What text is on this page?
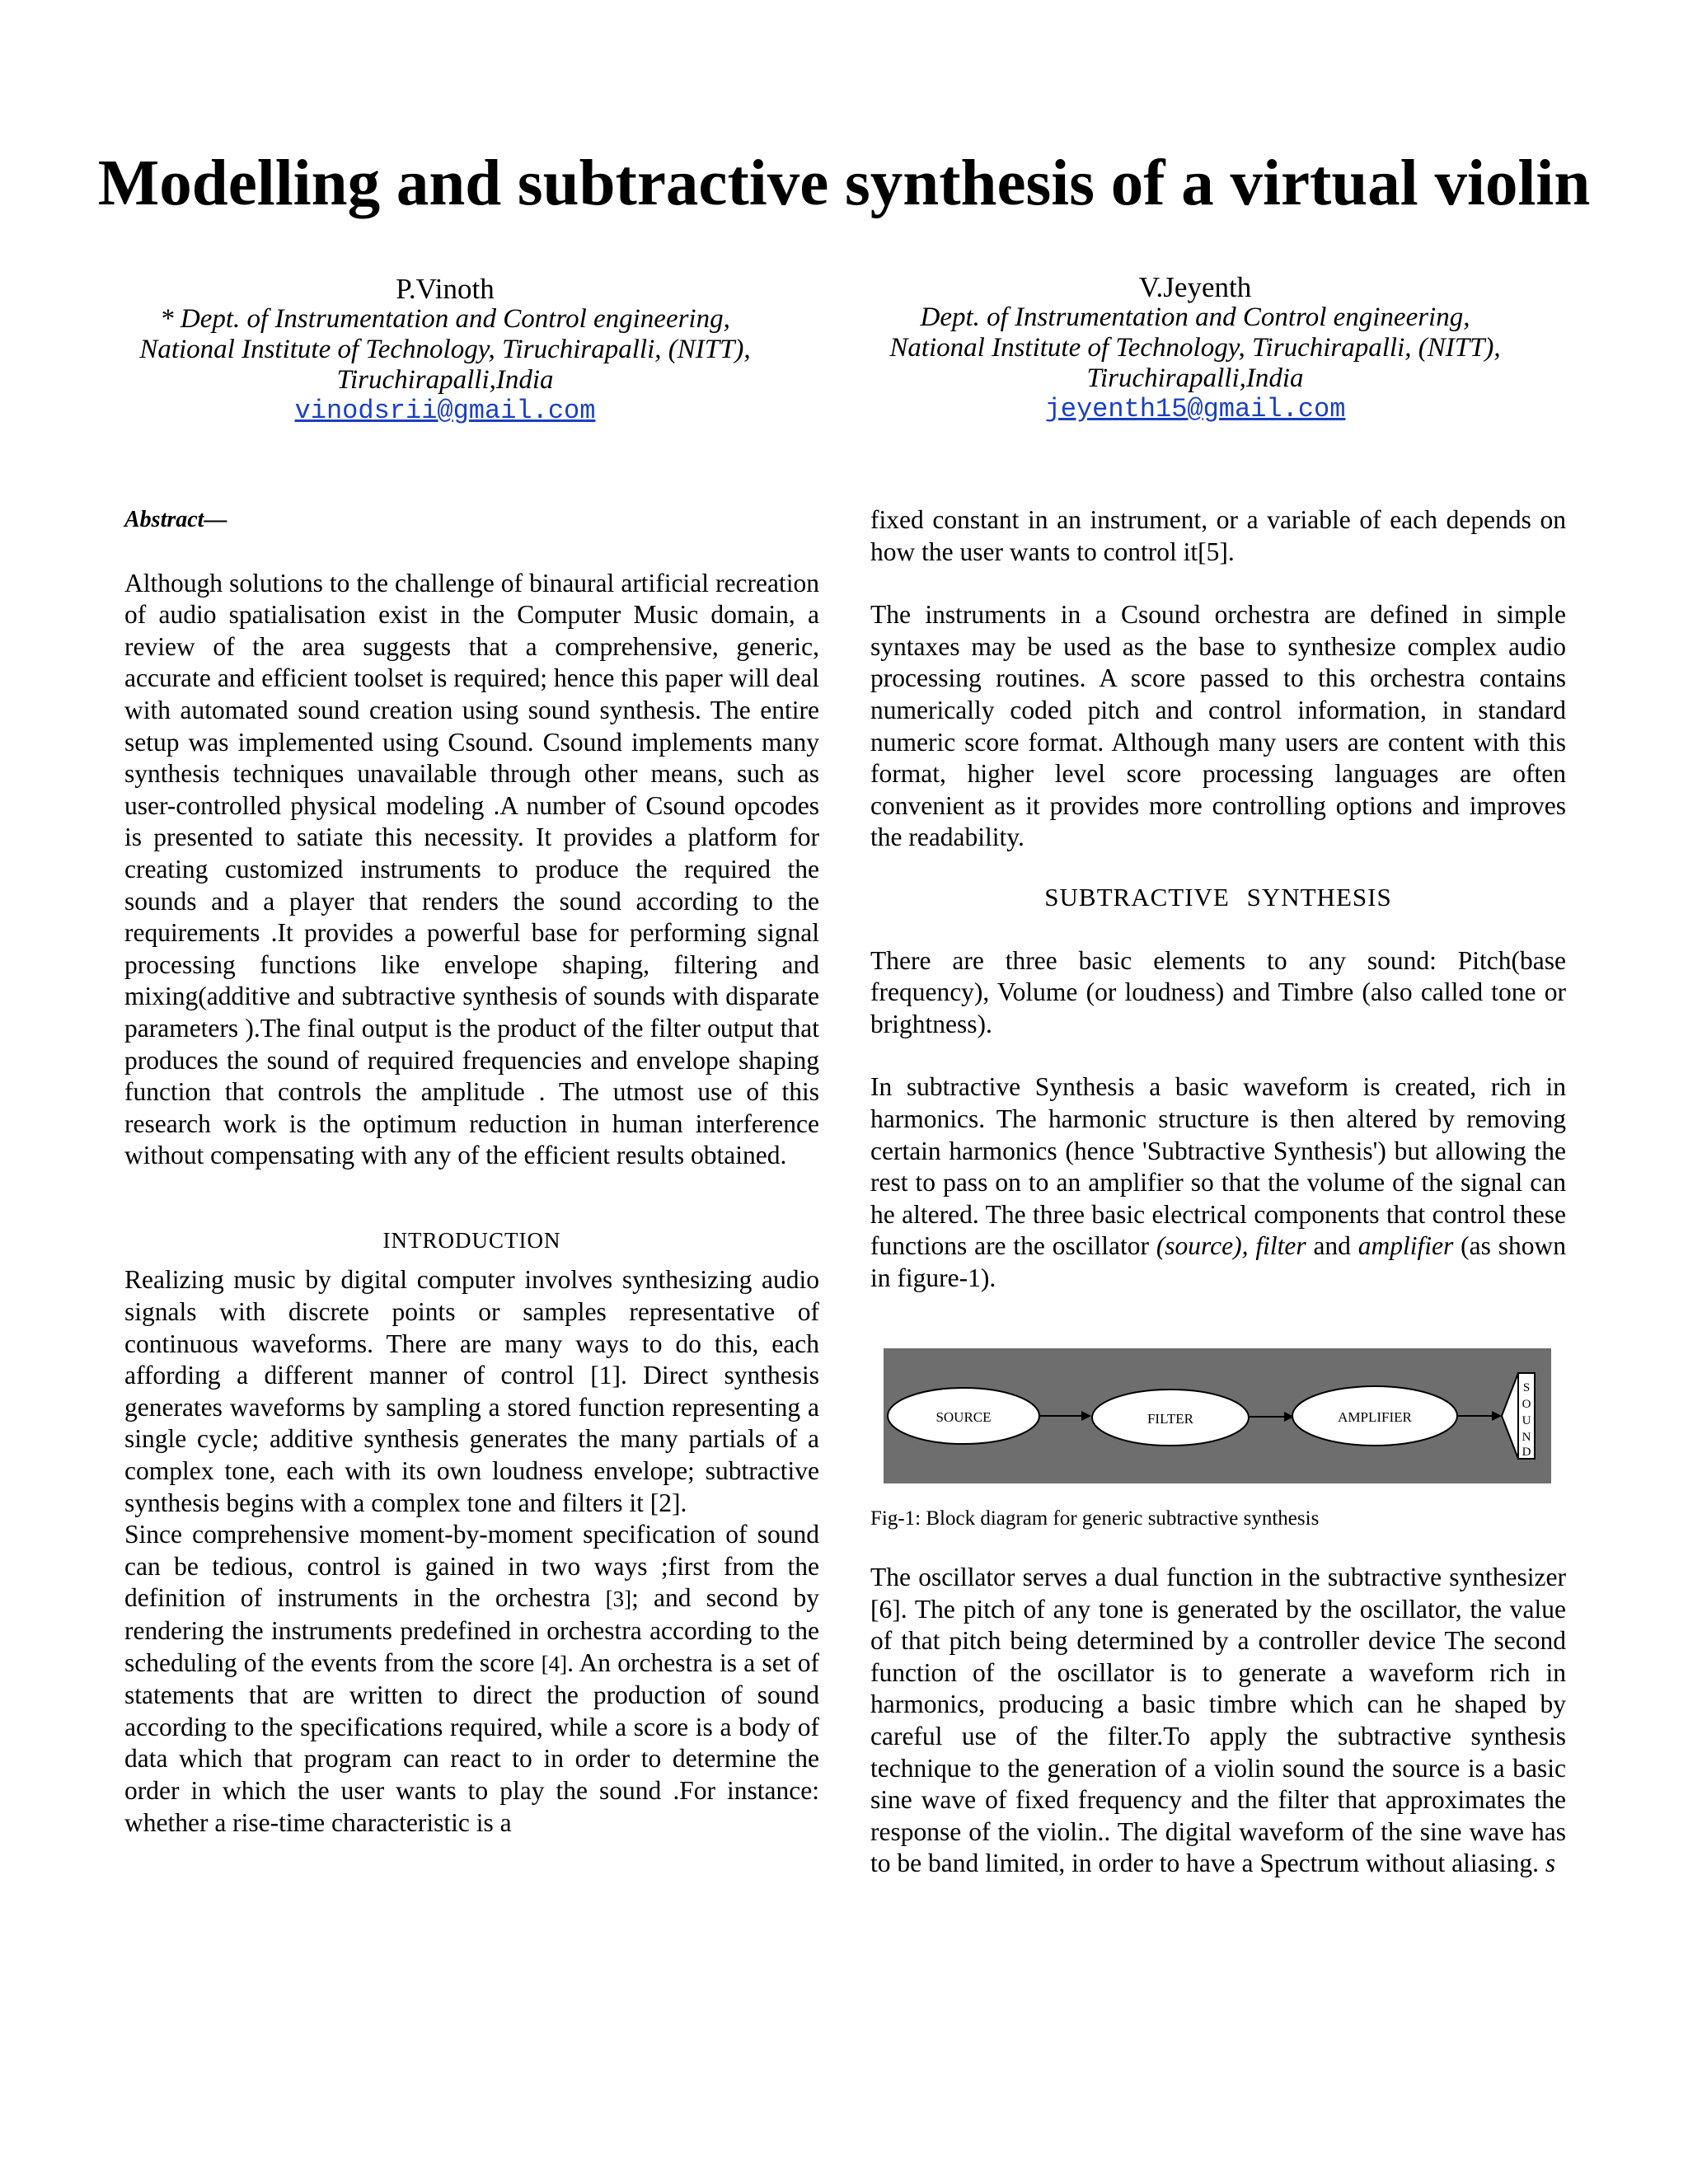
Modelling and subtractive synthesis of a virtual violin
P.Vinoth
* Dept. of Instrumentation and Control engineering,
National Institute of Technology, Tiruchirapalli, (NITT),
Tiruchirapalli,India
vinodsrii@gmail.com
V.Jeyenth
Dept. of Instrumentation and Control engineering,
National Institute of Technology, Tiruchirapalli, (NITT),
Tiruchirapalli,India
jeyenth15@gmail.com
Abstract—

Although solutions to the challenge of binaural artificial recreation of audio spatialisation exist in the Computer Music domain, a review of the area suggests that a comprehensive, generic, accurate and efficient toolset is required; hence this paper will deal with automated sound creation using sound synthesis. The entire setup was implemented using Csound. Csound implements many synthesis techniques unavailable through other means, such as user-controlled physical modeling .A number of Csound opcodes is presented to satiate this necessity. It provides a platform for creating customized instruments to produce the required the sounds and a player that renders the sound according to the requirements .It provides a powerful base for performing signal processing functions like envelope shaping, filtering and mixing(additive and subtractive synthesis of sounds with disparate parameters ).The final output is the product of the filter output that produces the sound of required frequencies and envelope shaping function that controls the amplitude . The utmost use of this research work is the optimum reduction in human interference without compensating with any of the efficient results obtained.

INTRODUCTION

Realizing music by digital computer involves synthesizing audio signals with discrete points or samples representative of continuous waveforms. There are many ways to do this, each affording a different manner of control [1]. Direct synthesis generates waveforms by sampling a stored function representing a single cycle; additive synthesis generates the many partials of a complex tone, each with its own loudness envelope; subtractive synthesis begins with a complex tone and filters it [2].

Since comprehensive moment-by-moment specification of sound can be tedious, control is gained in two ways ;first from the definition of instruments in the orchestra [3]; and second by rendering the instruments predefined in orchestra according to the scheduling of the events from the score [4]. An orchestra is a set of statements that are written to direct the production of sound according to the specifications required, while a score is a body of data which that program can react to in order to determine the order in which the user wants to play the sound .For instance: whether a rise-time characteristic is a

fixed constant in an instrument, or a variable of each depends on how the user wants to control it[5].

The instruments in a Csound orchestra are defined in simple syntaxes may be used as the base to synthesize complex audio processing routines. A score passed to this orchestra contains numerically coded pitch and control information, in standard numeric score format. Although many users are content with this format, higher level score processing languages are often convenient as it provides more controlling options and improves the readability.

SUBTRACTIVE SYNTHESIS

There are three basic elements to any sound: Pitch(base frequency), Volume (or loudness) and Timbre (also called tone or brightness).

In subtractive Synthesis a basic waveform is created, rich in harmonics. The harmonic structure is then altered by removing certain harmonics (hence 'Subtractive Synthesis') but allowing the rest to pass on to an amplifier so that the volume of the signal can he altered. The three basic electrical components that control these functions are the oscillator (source), filter and amplifier (as shown in figure-1).

SOURCE	FILTER	AMPLIFIER
S
O
U
N
D
Fig-1: Block diagram for generic subtractive synthesis

The oscillator serves a dual function in the subtractive synthesizer [6]. The pitch of any tone is generated by the oscillator, the value of that pitch being determined by a controller device The second function of the oscillator is to generate a waveform rich in harmonics, producing a basic timbre which can he shaped by careful use of the filter.To apply the subtractive synthesis technique to the generation of a violin sound the source is a basic sine wave of fixed frequency and the filter that approximates the response of the violin.. The digital waveform of the sine wave has to be band limited, in order to have a Spectrum without aliasing. s
